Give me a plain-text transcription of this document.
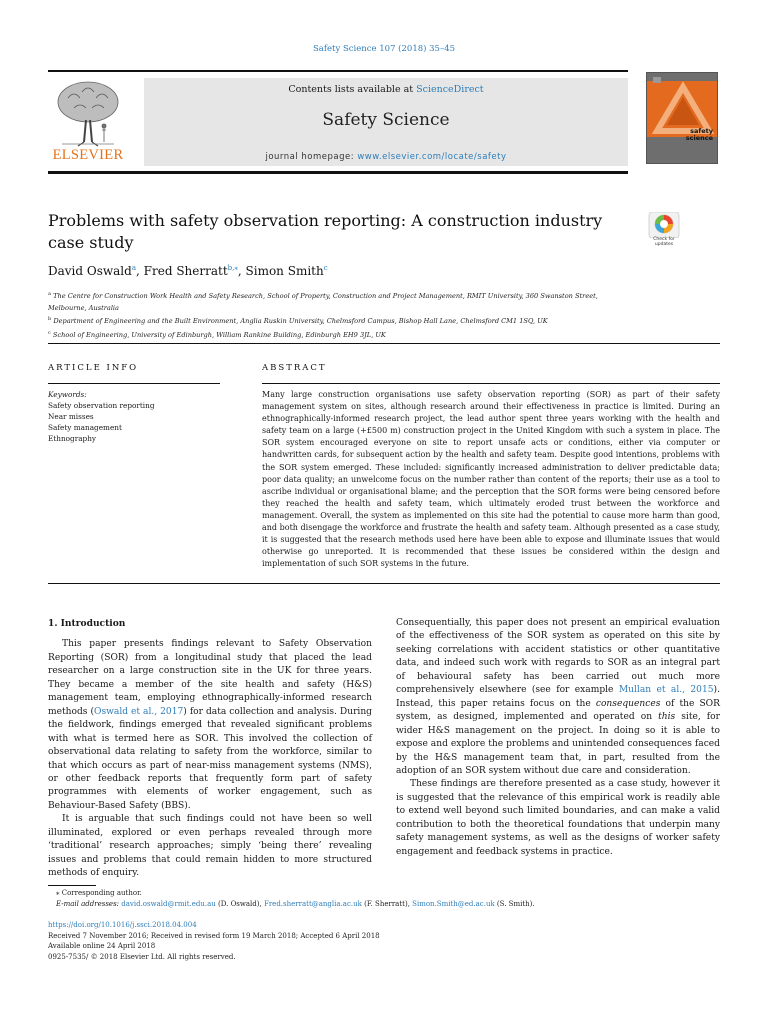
Safety Science 107 (2018) 35–45
ELSEVIER
Contents lists available at ScienceDirect
Safety Science
journal homepage: www.elsevier.com/locate/safety
safety
science
Problems with safety observation reporting: A construction industry case study	Check for
updates
David Oswald$^a$, Fred Sherratt$^{b,⁎}$, Simon Smith$^c$
$^a$ The Centre for Construction Work Health and Safety Research, School of Property, Construction and Project Management, RMIT University, 360 Swanston Street, Melbourne, Australia
$^b$ Department of Engineering and the Built Environment, Anglia Ruskin University, Chelmsford Campus, Bishop Hall Lane, Chelmsford CM1 1SQ, UK
$^c$ School of Engineering, University of Edinburgh, William Rankine Building, Edinburgh EH9 3JL, UK
ARTICLE INFO	ABSTRACT
Keywords:
Safety observation reporting
Near misses
Safety management
Ethnography
Many large construction organisations use safety observation reporting (SOR) as part of their safety management system on sites, although research around their effectiveness in practice is limited. During an ethnographically-informed research project, the lead author spent three years working with the health and safety team on a large (+£500 m) construction project in the United Kingdom with such a system in place. The SOR system encouraged everyone on site to report unsafe acts or conditions, either via computer or handwritten cards, for subsequent action by the health and safety team. Despite good intentions, problems with the SOR system emerged. These included: significantly increased administration to deliver predictable data; poor data quality; an unwelcome focus on the number rather than content of the reports; their use as a tool to ascribe individual or organisational blame; and the perception that the SOR forms were being censored before they reached the health and safety team, which ultimately eroded trust between the workforce and management. Overall, the system as implemented on this site had the potential to cause more harm than good, and both disengage the workforce and frustrate the health and safety team. Although presented as a case study, it is suggested that the research methods used here have been able to expose and illuminate issues that would otherwise go unreported. It is recommended that these issues be considered within the design and implementation of such SOR systems in the future.
1. Introduction

This paper presents findings relevant to Safety Observation Reporting (SOR) from a longitudinal study that placed the lead researcher on a large construction site in the UK for three years. They became a member of the site health and safety (H&S) management team, employing ethnographically-informed research methods (Oswald et al., 2017) for data collection and analysis. During the fieldwork, findings emerged that revealed significant problems with what is termed here as SOR. This involved the collection of observational data relating to safety from the workforce, similar to that which occurs as part of near-miss management systems (NMS), or other feedback reports that frequently form part of safety programmes with elements of worker engagement, such as Behaviour-Based Safety (BBS).

It is arguable that such findings could not have been so well illuminated, explored or even perhaps revealed through more ‘traditional’ research approaches; simply ‘being there’ revealing issues and problems that could remain hidden to more structured methods of enquiry.

Consequentially, this paper does not present an empirical evaluation of the effectiveness of the SOR system as operated on this site by seeking correlations with accident statistics or other quantitative data, and indeed such work with regards to SOR as an integral part of behavioural safety has been carried out much more comprehensively elsewhere (see for example Mullan et al., 2015). Instead, this paper retains focus on the consequences of the SOR system, as designed, implemented and operated on this site, for wider H&S management on the project. In doing so it is able to expose and explore the problems and unintended consequences faced by the H&S management team that, in part, resulted from the adoption of an SOR system without due care and consideration.

These findings are therefore presented as a case study, however it is suggested that the relevance of this empirical work is readily able to extend well beyond such limited boundaries, and can make a valid contribution to both the theoretical foundations that underpin many safety management systems, as well as the designs of worker safety engagement and feedback systems in practice.

⁎ Corresponding author.
E-mail addresses: david.oswald@rmit.edu.au (D. Oswald), Fred.sherratt@anglia.ac.uk (F. Sherratt), Simon.Smith@ed.ac.uk (S. Smith).
https://doi.org/10.1016/j.ssci.2018.04.004
Received 7 November 2016; Received in revised form 19 March 2018; Accepted 6 April 2018
Available online 24 April 2018
0925-7535/ © 2018 Elsevier Ltd. All rights reserved.
